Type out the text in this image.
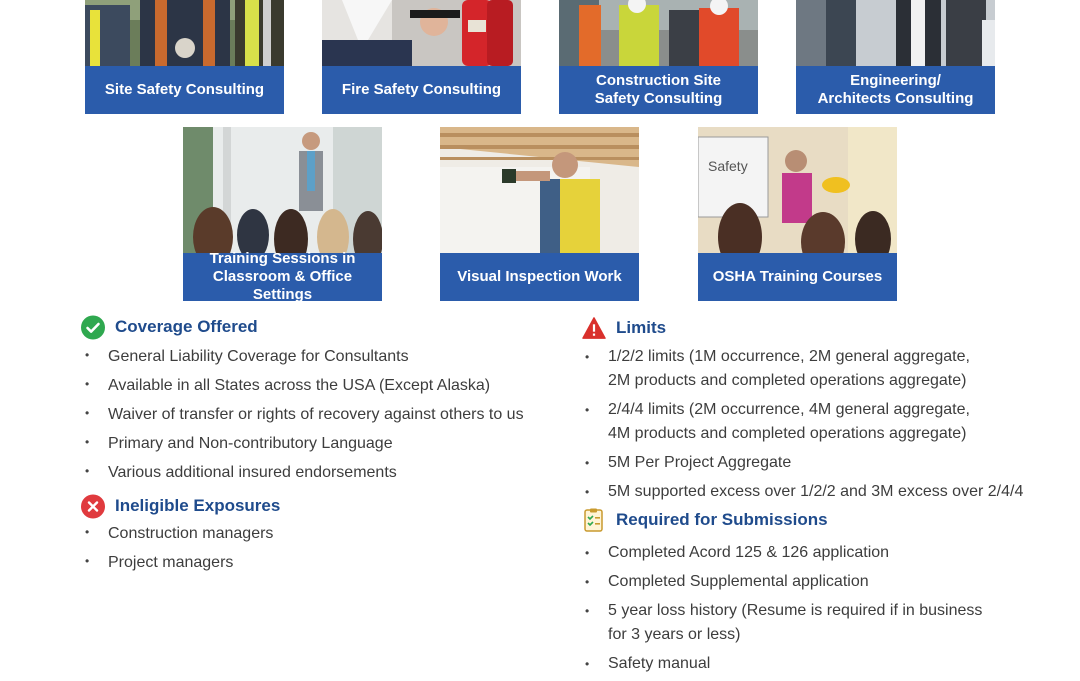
Site Safety Consulting	Fire Safety Consulting
Construction Site
Safety Consulting
Engineering/
Architects Consulting
Training Sessions in
Classroom & Office Settings
Visual Inspection Work
Safety
OSHA Training Courses
Coverage Offered
• General Liability Coverage for Consultants
• Available in all States across the USA (Except Alaska)
• Waiver of transfer or rights of recovery against others to us
• Primary and Non-contributory Language
• Various additional insured endorsements
Ineligible Exposures
• Construction managers
• Project managers
Limits
• 1/2/2 limits (1M occurrence, 2M general aggregate,
2M products and completed operations aggregate)
• 2/4/4 limits (2M occurrence, 4M general aggregate,
4M products and completed operations aggregate)
• 5M Per Project Aggregate
• 5M supported excess over 1/2/2 and 3M excess over 2/4/4
Required for Submissions
• Completed Acord 125 & 126 application
• Completed Supplemental application
• 5 year loss history (Resume is required if in business
for 3 years or less)
• Safety manual
